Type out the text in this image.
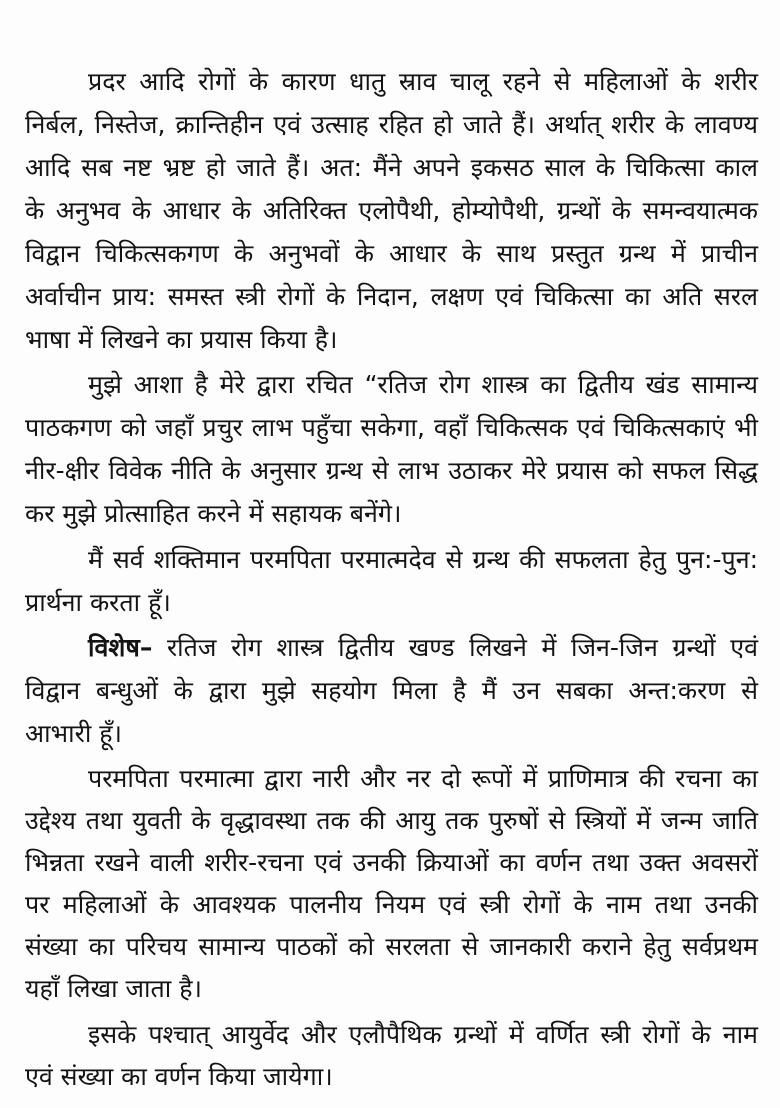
प्रदर आदि रोगों के कारण धातु स्राव चालू रहने से महिलाओं के शरीर
निर्बल, निस्तेज, क्रान्तिहीन एवं उत्साह रहित हो जाते हैं। अर्थात् शरीर के लावण्य
आदि सब नष्ट भ्रष्ट हो जाते हैं। अत: मैंने अपने इकसठ साल के चिकित्सा काल
के अनुभव के आधार के अतिरिक्त एलोपैथी, होम्योपैथी, ग्रन्थों के समन्वयात्मक
विद्वान चिकित्सकगण के अनुभवों के आधार के साथ प्रस्तुत ग्रन्थ में प्राचीन
अर्वाचीन प्राय: समस्त स्त्री रोगों के निदान, लक्षण एवं चिकित्सा का अति सरल
भाषा में लिखने का प्रयास किया है।
मुझे आशा है मेरे द्वारा रचित “रतिज रोग शास्त्र का द्वितीय खंड सामान्य
पाठकगण को जहाँ प्रचुर लाभ पहुँचा सकेगा, वहाँ चिकित्सक एवं चिकित्सकाएं भी
नीर-क्षीर विवेक नीति के अनुसार ग्रन्थ से लाभ उठाकर मेरे प्रयास को सफल सिद्ध
कर मुझे प्रोत्साहित करने में सहायक बनेंगे।
मैं सर्व शक्तिमान परमपिता परमात्मदेव से ग्रन्थ की सफलता हेतु पुन:-पुन:
प्रार्थना करता हूँ।
विशेष– रतिज रोग शास्त्र द्वितीय खण्ड लिखने में जिन-जिन ग्रन्थों एवं
विद्वान बन्धुओं के द्वारा मुझे सहयोग मिला है मैं उन सबका अन्त:करण से
आभारी हूँ।
परमपिता परमात्मा द्वारा नारी और नर दो रूपों में प्राणिमात्र की रचना का
उद्देश्य तथा युवती के वृद्धावस्था तक की आयु तक पुरुषों से स्त्रियों में जन्म जाति
भिन्नता रखने वाली शरीर-रचना एवं उनकी क्रियाओं का वर्णन तथा उक्त अवसरों
पर महिलाओं के आवश्यक पालनीय नियम एवं स्त्री रोगों के नाम तथा उनकी
संख्या का परिचय सामान्य पाठकों को सरलता से जानकारी कराने हेतु सर्वप्रथम
यहाँ लिखा जाता है।
इसके पश्चात् आयुर्वेद और एलौपैथिक ग्रन्थों में वर्णित स्त्री रोगों के नाम
एवं संख्या का वर्णन किया जायेगा।
